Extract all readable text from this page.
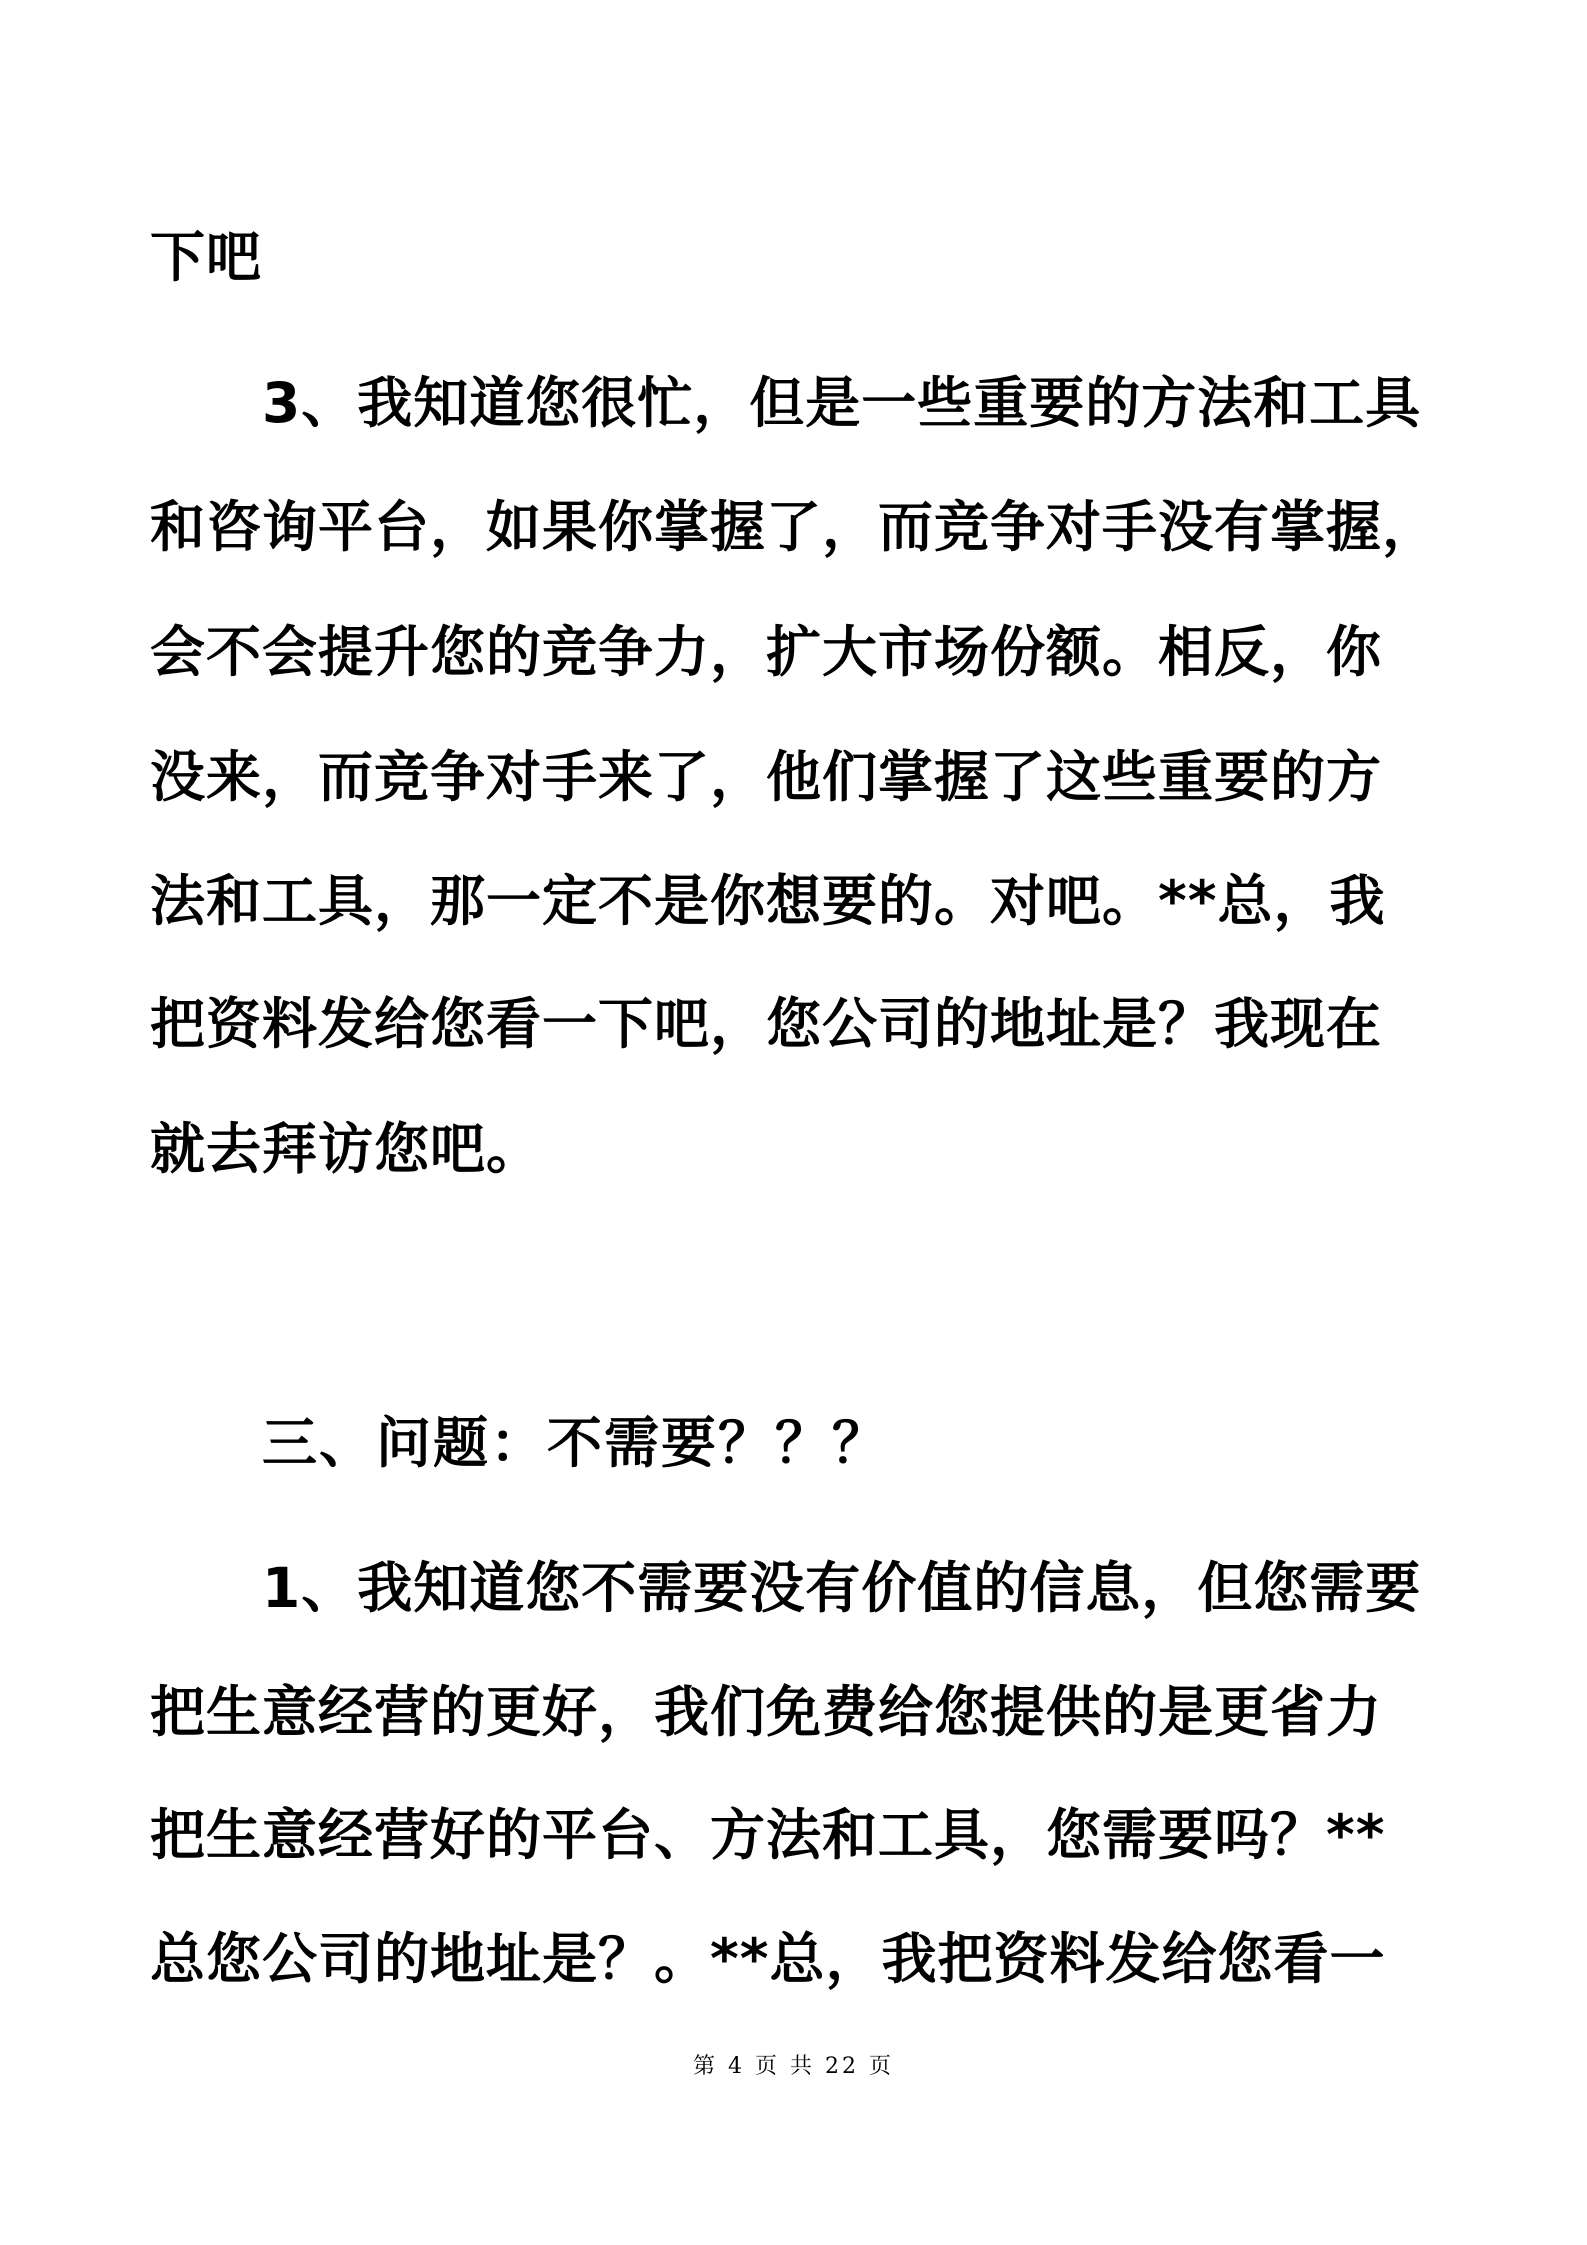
下吧
3、我知道您很忙，但是一些重要的方法和工具
和咨询平台，如果你掌握了，而竞争对手没有掌握，
会不会提升您的竞争力，扩大市场份额。相反，你
没来，而竞争对手来了，他们掌握了这些重要的方
法和工具，那一定不是你想要的。对吧。**总，我
把资料发给您看一下吧，您公司的地址是？我现在
就去拜访您吧。
三、问题：不需要？？？
1、我知道您不需要没有价值的信息，但您需要
把生意经营的更好，我们免费给您提供的是更省力
把生意经营好的平台、方法和工具，您需要吗？**
总您公司的地址是？。**总，我把资料发给您看一
第 4 页 共 22 页
